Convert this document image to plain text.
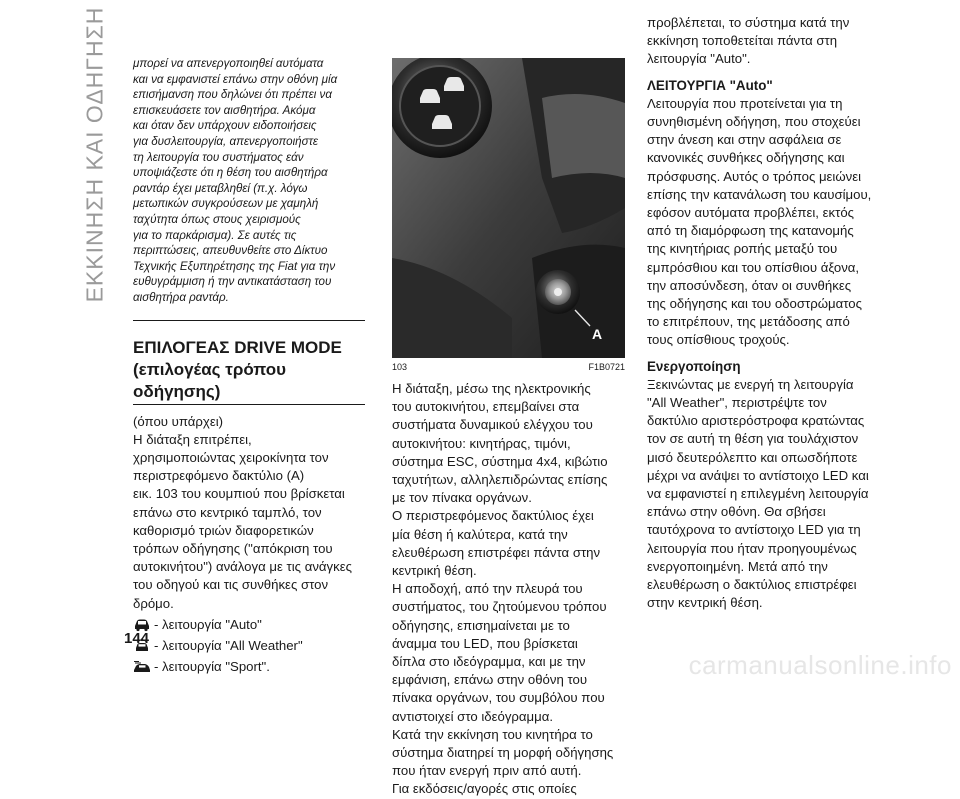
ΕΚΚΙΝΗΣΗ ΚΑΙ ΟΔΗΓΗΣΗ μπορεί να απενεργοποιηθεί αυτόματα
και να εμφανιστεί επάνω στην οθόνη μία
επισήμανση που δηλώνει ότι πρέπει να
επισκευάσετε τον αισθητήρα. Ακόμα
και όταν δεν υπάρχουν ειδοποιήσεις
για δυσλειτουργία, απενεργοποιήστε
τη λειτουργία του συστήματος εάν
υποψιάζεστε ότι η θέση του αισθητήρα
ραντάρ έχει μεταβληθεί (π.χ. λόγω
μετωπικών συγκρούσεων με χαμηλή
ταχύτητα όπως στους χειρισμούς
για το παρκάρισμα). Σε αυτές τις
περιπτώσεις, απευθυνθείτε στο Δίκτυο
Τεχνικής Εξυπηρέτησης της Fiat για την
ευθυγράμμιση ή την αντικατάσταση του
αισθητήρα ραντάρ.

ΕΠΙΛΟΓΕΑΣ DRIVE MODE
(επιλογέας τρόπου
οδήγησης)
(όπου υπάρχει)
Η διάταξη επιτρέπει,
χρησιμοποιώντας χειροκίνητα τον
περιστρεφόμενο δακτύλιο (A)
εικ. 103 του κουμπιού που βρίσκεται
επάνω στο κεντρικό ταμπλό, τον
καθορισμό τριών διαφορετικών
τρόπων οδήγησης ("απόκριση του
αυτοκινήτου") ανάλογα με τις ανάγκες
του οδηγού και τις συνθήκες στον
δρόμο.
- λειτουργία "Auto"
- λειτουργία "All Weather"
- λειτουργία "Sport".
A
103	F1B0721
Η διάταξη, μέσω της ηλεκτρονικής
του αυτοκινήτου, επεμβαίνει στα
συστήματα δυναμικού ελέγχου του
αυτοκινήτου: κινητήρας, τιμόνι,
σύστημα ESC, σύστημα 4x4, κιβώτιο
ταχυτήτων, αλληλεπιδρώντας επίσης
με τον πίνακα οργάνων.
Ο περιστρεφόμενος δακτύλιος έχει
μία θέση ή καλύτερα, κατά την
ελευθέρωση επιστρέφει πάντα στην
κεντρική θέση.
Η αποδοχή, από την πλευρά του
συστήματος, του ζητούμενου τρόπου
οδήγησης, επισημαίνεται με το
άναμμα του LED, που βρίσκεται
δίπλα στο ιδεόγραμμα, και με την
εμφάνιση, επάνω στην οθόνη του
πίνακα οργάνων, του συμβόλου που
αντιστοιχεί στο ιδεόγραμμα.
Κατά την εκκίνηση του κινητήρα το
σύστημα διατηρεί τη μορφή οδήγησης
που ήταν ενεργή πριν από αυτή.
Για εκδόσεις/αγορές στις οποίες
προβλέπεται, το σύστημα κατά την
εκκίνηση τοποθετείται πάντα στη
λειτουργία "Auto".

ΛΕΙΤΟΥΡΓΙΑ "Auto"

Λειτουργία που προτείνεται για τη
συνηθισμένη οδήγηση, που στοχεύει
στην άνεση και στην ασφάλεια σε
κανονικές συνθήκες οδήγησης και
πρόσφυσης. Αυτός ο τρόπος μειώνει
επίσης την κατανάλωση του καυσίμου,
εφόσον αυτόματα προβλέπει, εκτός
από τη διαμόρφωση της κατανομής
της κινητήριας ροπής μεταξύ του
εμπρόσθιου και του οπίσθιου άξονα,
την αποσύνδεση, όταν οι συνθήκες
της οδήγησης και του οδοστρώματος
το επιτρέπουν, της μετάδοσης από
τους οπίσθιους τροχούς.

Ενεργοποίηση

Ξεκινώντας με ενεργή τη λειτουργία
"All Weather", περιστρέψτε τον
δακτύλιο αριστερόστροφα κρατώντας
τον σε αυτή τη θέση για τουλάχιστον
μισό δευτερόλεπτο και οπωσδήποτε
μέχρι να ανάψει το αντίστοιχο LED και
να εμφανιστεί η επιλεγμένη λειτουργία
επάνω στην οθόνη. Θα σβήσει
ταυτόχρονα το αντίστοιχο LED για τη
λειτουργία που ήταν προηγουμένως
ενεργοποιημένη. Μετά από την
ελευθέρωση ο δακτύλιος επιστρέφει
στην κεντρική θέση.
144
carmanualsonline.info
